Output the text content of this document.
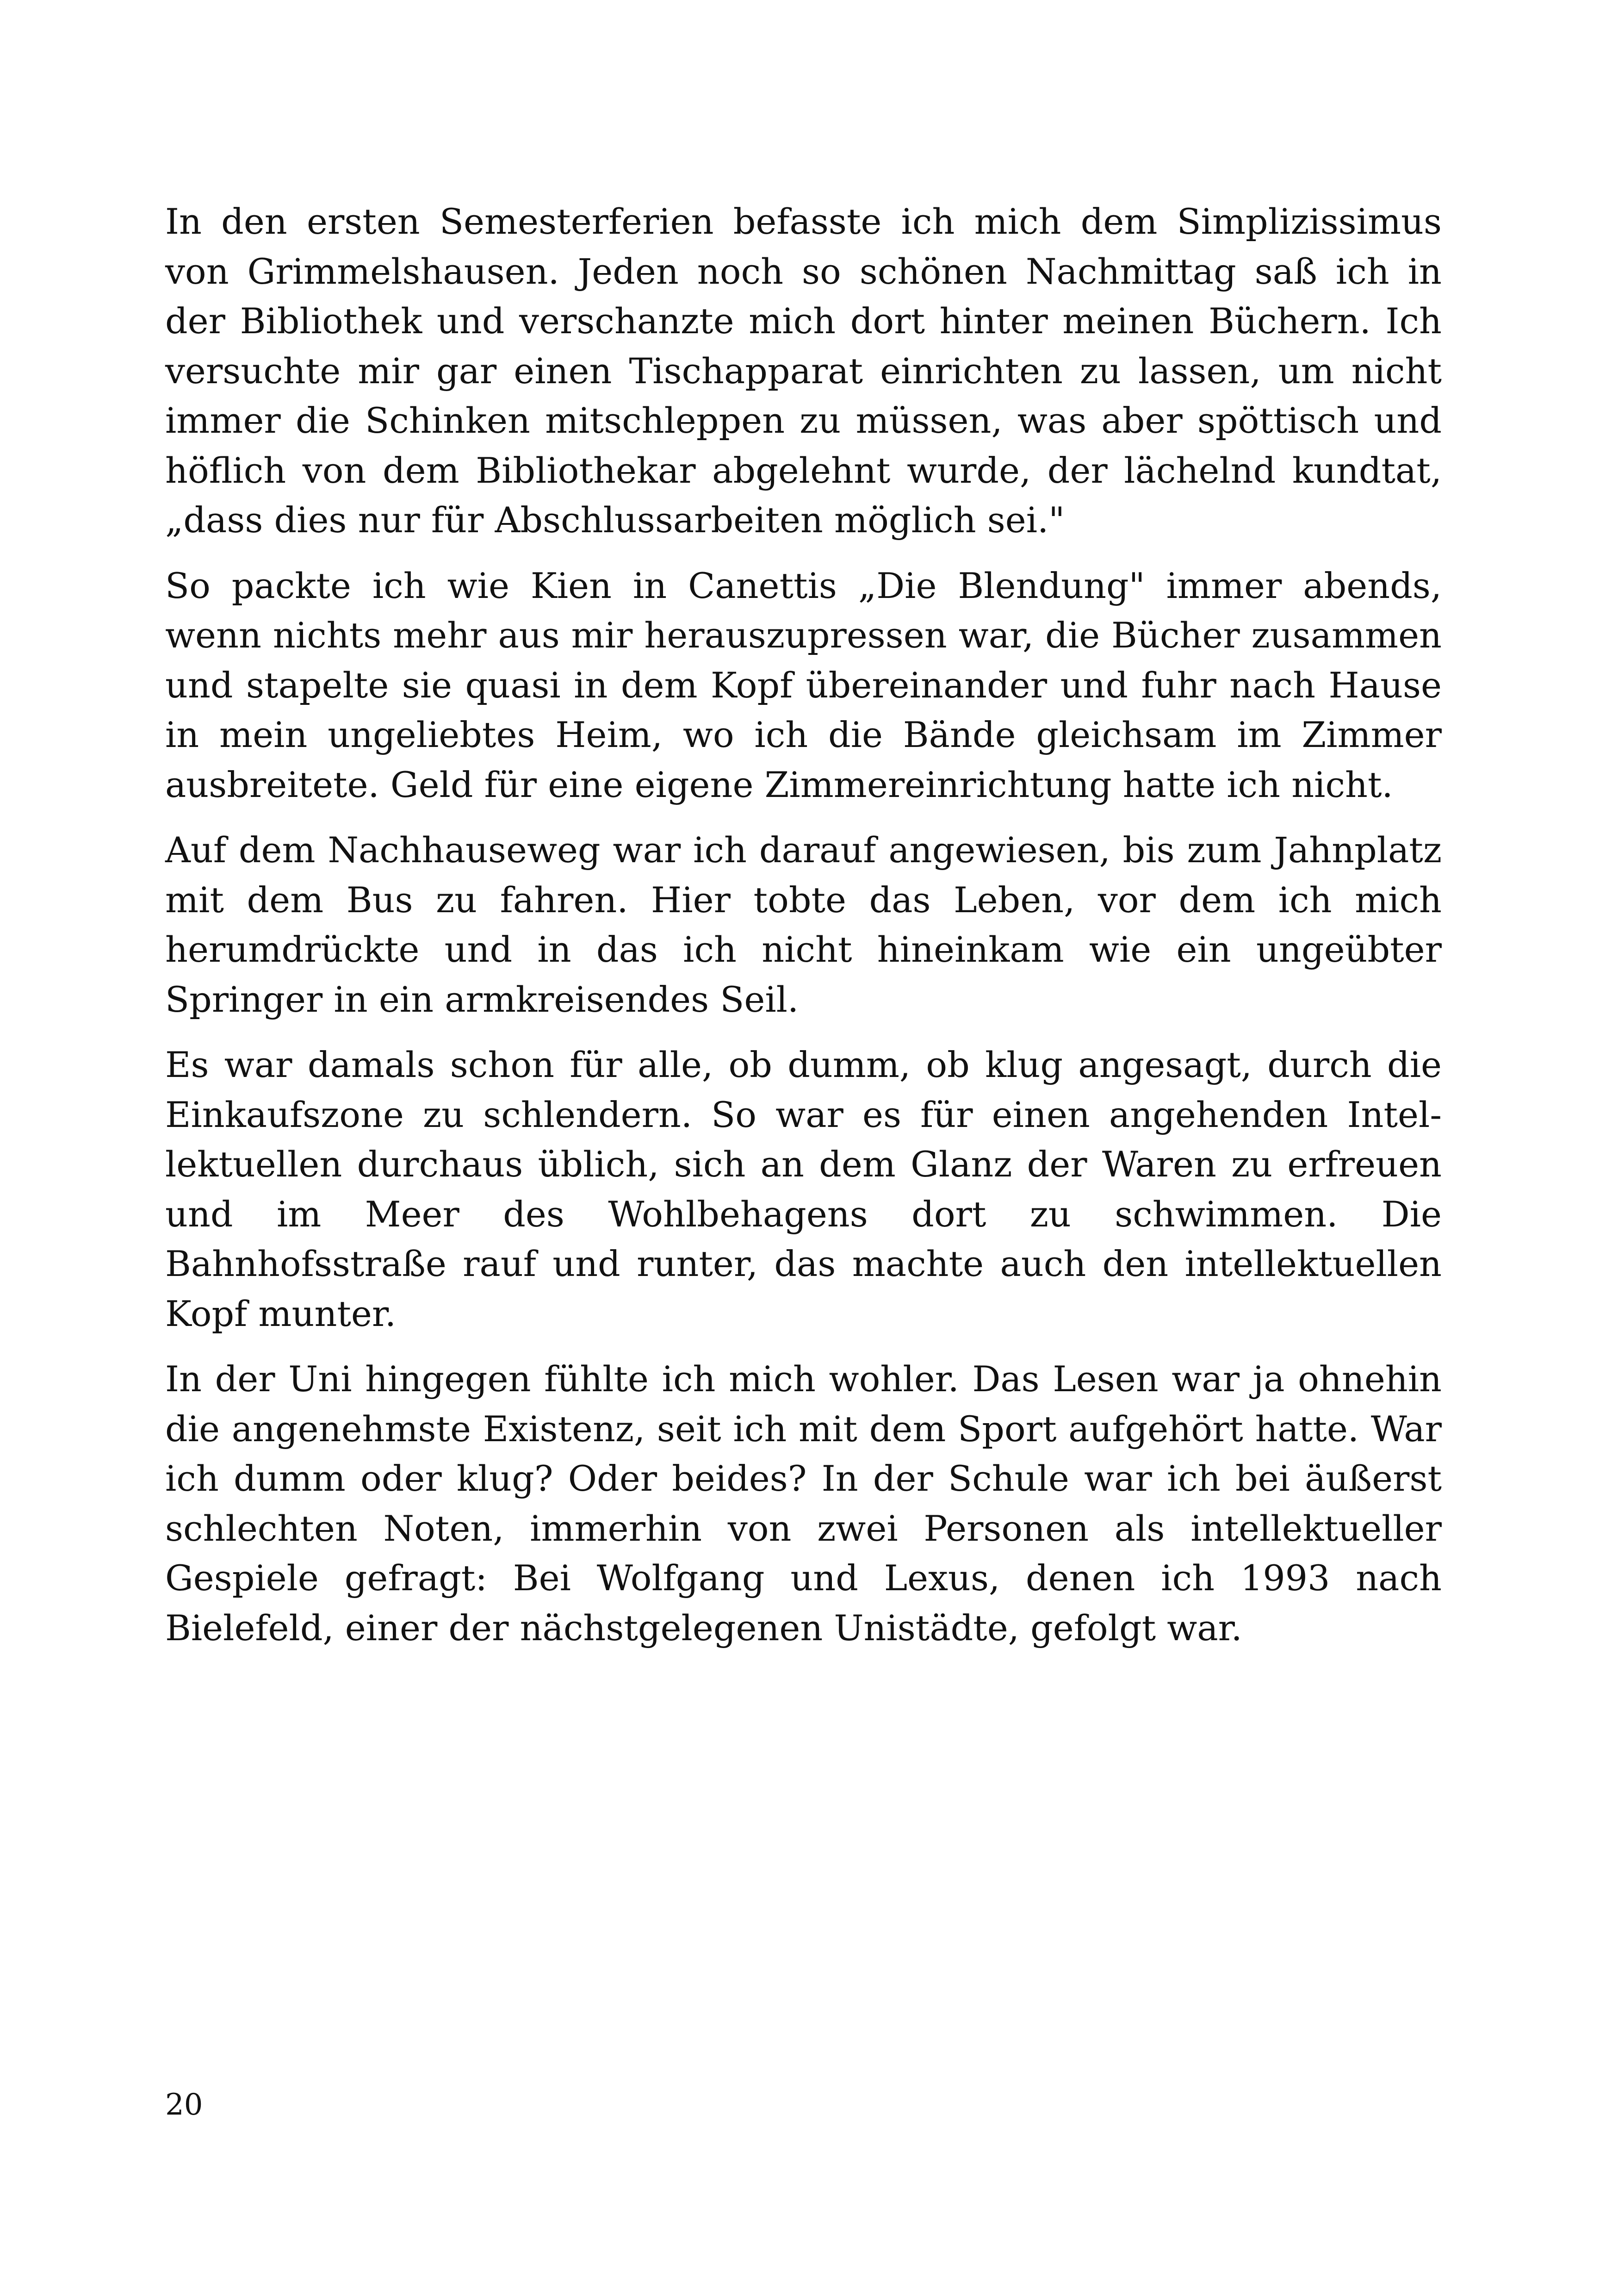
In den ersten Semesterferien befasste ich mich dem Simplizissimus von Grimmelshausen. Jeden noch so schönen Nachmittag saß ich in der Bibliothek und verschanzte mich dort hinter meinen Büchern. Ich versuchte mir gar einen Tischapparat einrichten zu lassen, um nicht immer die Schinken mitschleppen zu müssen, was aber spöttisch und höflich von dem Bibliothekar abgelehnt wurde, der lächelnd kundtat, „dass dies nur für Abschlussarbeiten möglich sei."

So packte ich wie Kien in Canettis „Die Blendung" immer abends, wenn nichts mehr aus mir herauszupressen war, die Bücher zusammen und stapelte sie quasi in dem Kopf übereinander und fuhr nach Hause in mein ungeliebtes Heim, wo ich die Bände gleichsam im Zimmer ausbreitete. Geld für eine eigene Zimmereinrichtung hatte ich nicht.

Auf dem Nachhauseweg war ich darauf angewiesen, bis zum Jahnplatz mit dem Bus zu fahren. Hier tobte das Leben, vor dem ich mich herumdrückte und in das ich nicht hineinkam wie ein ungeübter Springer in ein armkreisendes Seil.

Es war damals schon für alle, ob dumm, ob klug angesagt, durch die Einkaufszone zu schlendern. So war es für einen angehenden Intellektuellen durchaus üblich, sich an dem Glanz der Waren zu erfreuen und im Meer des Wohlbehagens dort zu schwimmen. Die Bahnhofsstraße rauf und runter, das machte auch den intellektuellen Kopf munter.

In der Uni hingegen fühlte ich mich wohler. Das Lesen war ja ohnehin die angenehmste Existenz, seit ich mit dem Sport aufgehört hatte. War ich dumm oder klug? Oder beides? In der Schule war ich bei äußerst schlechten Noten, immerhin von zwei Personen als intellektueller Gespiele gefragt: Bei Wolfgang und Lexus, denen ich 1993 nach Bielefeld, einer der nächstgelegenen Unistädte, gefolgt war.

20
